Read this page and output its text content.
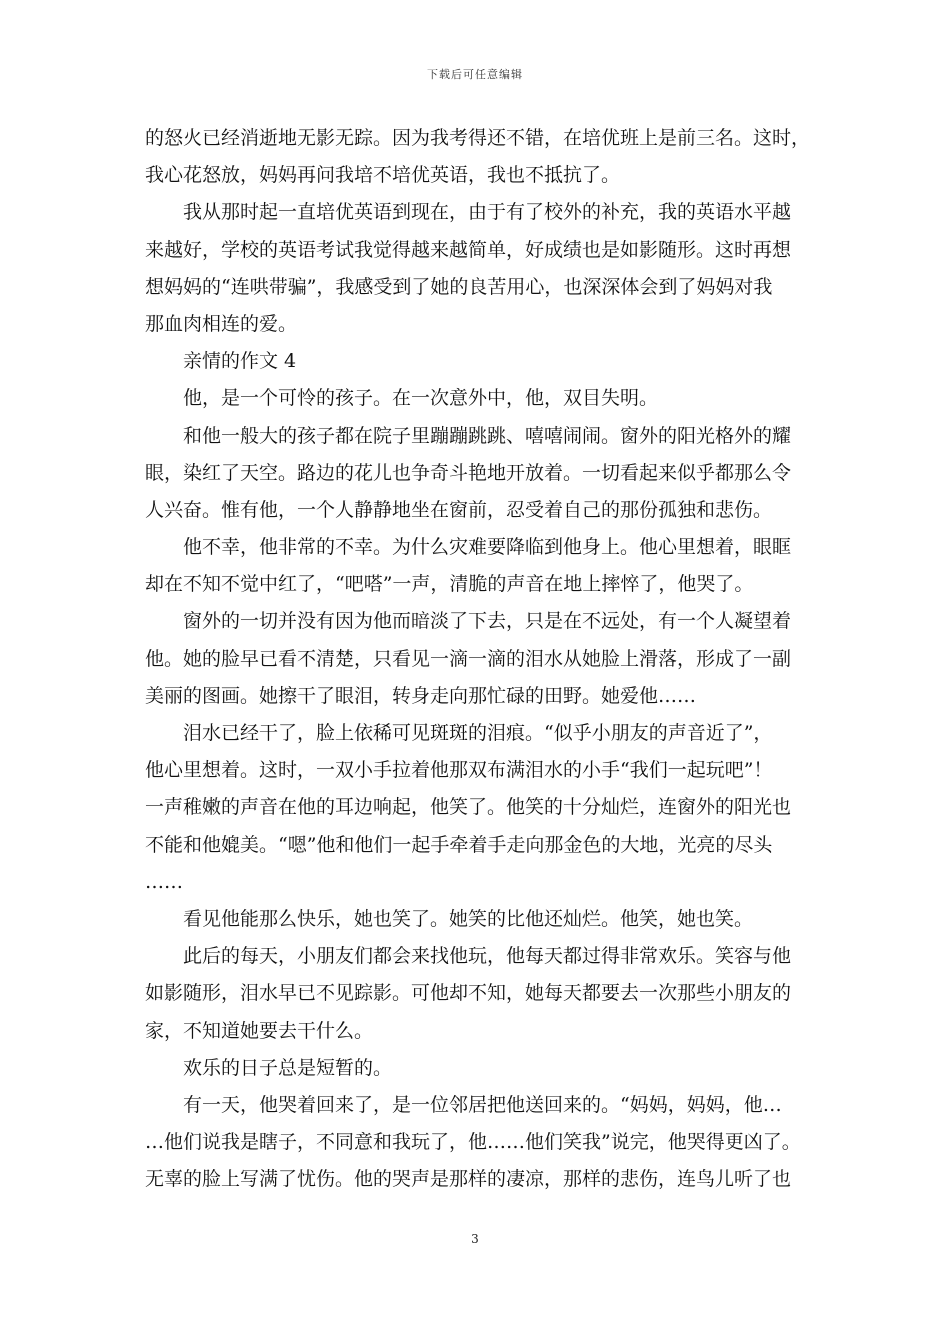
下载后可任意编辑
的怒火已经消逝地无影无踪。因为我考得还不错，在培优班上是前三名。这时，
我心花怒放，妈妈再问我培不培优英语，我也不抵抗了。
我从那时起一直培优英语到现在，由于有了校外的补充，我的英语水平越
来越好，学校的英语考试我觉得越来越简单，好成绩也是如影随形。这时再想
想妈妈的“连哄带骗”，我感受到了她的良苦用心，也深深体会到了妈妈对我
那血肉相连的爱。
亲情的作文 4
他，是一个可怜的孩子。在一次意外中，他，双目失明。
和他一般大的孩子都在院子里蹦蹦跳跳、嘻嘻闹闹。窗外的阳光格外的耀
眼，染红了天空。路边的花儿也争奇斗艳地开放着。一切看起来似乎都那么令
人兴奋。惟有他，一个人静静地坐在窗前，忍受着自己的那份孤独和悲伤。
他不幸，他非常的不幸。为什么灾难要降临到他身上。他心里想着，眼眶
却在不知不觉中红了，“吧嗒”一声，清脆的声音在地上摔悴了，他哭了。
窗外的一切并没有因为他而暗淡了下去，只是在不远处，有一个人凝望着
他。她的脸早已看不清楚，只看见一滴一滴的泪水从她脸上滑落，形成了一副
美丽的图画。她擦干了眼泪，转身走向那忙碌的田野。她爱他……
泪水已经干了，脸上依稀可见斑斑的泪痕。“似乎小朋友的声音近了”，
他心里想着。这时，一双小手拉着他那双布满泪水的小手“我们一起玩吧”！
一声稚嫩的声音在他的耳边响起，他笑了。他笑的十分灿烂，连窗外的阳光也
不能和他媲美。“嗯”他和他们一起手牵着手走向那金色的大地，光亮的尽头
……
看见他能那么快乐，她也笑了。她笑的比他还灿烂。他笑，她也笑。
此后的每天，小朋友们都会来找他玩，他每天都过得非常欢乐。笑容与他
如影随形，泪水早已不见踪影。可他却不知，她每天都要去一次那些小朋友的
家，不知道她要去干什么。
欢乐的日子总是短暂的。
有一天，他哭着回来了，是一位邻居把他送回来的。“妈妈，妈妈，他…
…他们说我是瞎子，不同意和我玩了，他……他们笑我”说完，他哭得更凶了。
无辜的脸上写满了忧伤。他的哭声是那样的凄凉，那样的悲伤，连鸟儿听了也
3
